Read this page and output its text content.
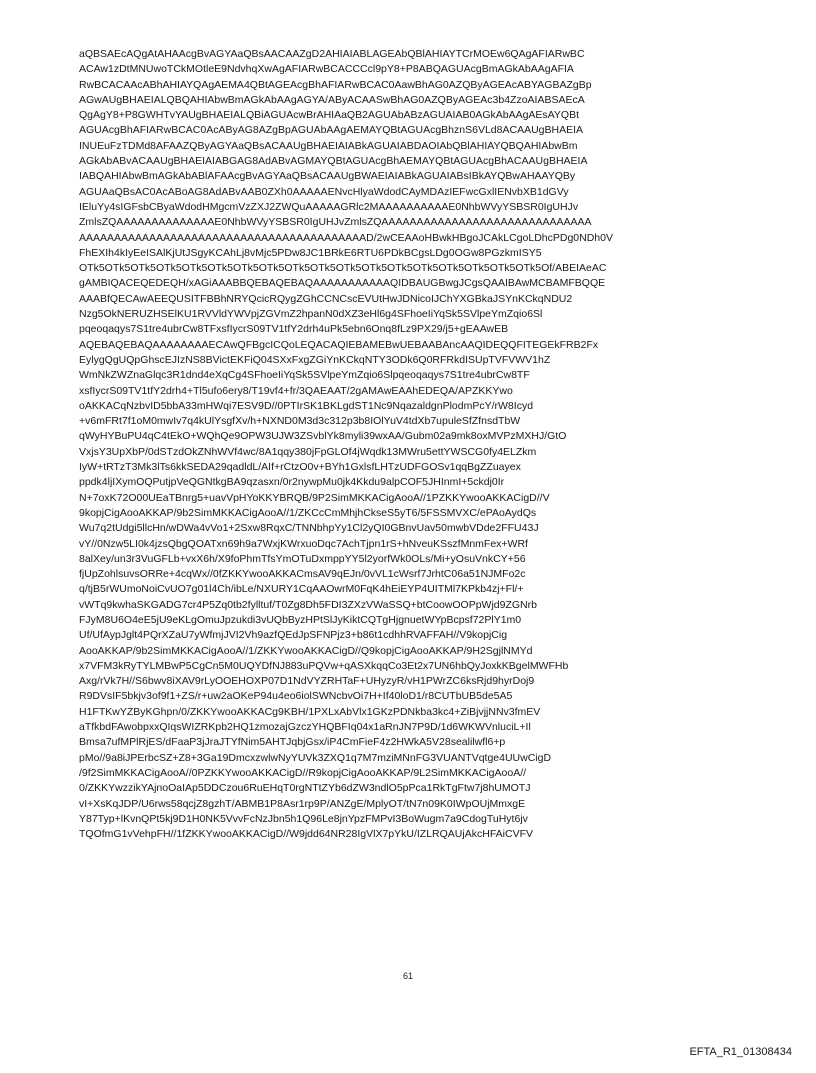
aQBSAEcAQgAtAHAAcgBvAGYAaQBsAACAAZgD2AHIAIABLAGEAbQBlAHIAYTCrMOEw6QAgAFIARwBC
ACAw1zDtMNUwoTCkMOtleE9NdvhqXwAgAFIARwBCACCCcl9pY8+P8ABQAGUAcgBmAGkAbAAgAFIA
RwBCACAAcABhAHIAYQAgAEMA4QBtAGEAcgBhAFIARwBCAC0AawBhAG0AZQByAGEAcABYAGBAZgBp
AGwAUgBHAEIALQBQAHIAbwBmAGkAbAAgAGYA/AByACAASwBhAG0AZQByAGEAc3b4ZzoAIABSAEcA
QgAgY8+P8GWHTvYAUgBHAEIALQBiAGUAcwBrAHIAaQB2AGUAbABzAGUAIAB0AGkAbAAgAEsAYQBt
AGUAcgBhAFIARwBCAC0AcAByAG8AZgBpAGUAbAAgAEMAYQBtAGUAcgBhznS6VLd8ACAAUgBHAEIA
INUEuFzTDMd8AFAAZQByAGYAaQBsACAAUgBHAEIAIABkAGUAIABDAOIAbQBlAHIAYQBQAHIAbwBm
AGkAbABvACAAUgBHAEIAIABGAG8AdABvAGMAYQBtAGUAcgBhAEMAYQBtAGUAcgBhACAAUgBHAEIA
IABQAHIAbwBmAGkAbABlAFAAcgBvAGYAaQBsACAAUgBWAEIAIABkAGUAIABsIBkAYQBwAHAAYQBy
AGUAaQBsAC0AcABoAG8AdABvAAB0ZXh0AAAAAENvcHlyaWdodCAyMDAzIEFwcGxlIENvbXB1dGVy
IEluYy4sIGFsbCByaWdodHMgcmVzZXJ2ZWQuAAAAAGRlc2MAAAAAAAAAAE0NhbWVyYSBSR0IgUHJv
ZmlsZQAAAAAAAAAAAAAAE0NhbWVyYSBSR0IgUHJvZmlsZQAAAAAAAAAAAAAAAAAAAAAAAAAAAAAA
AAAAAAAAAAAAAAAAAAAAAAAAAAAAAAAAAAAAAAAAAD/2wCEAAoHBwkHBgoJCAkLCgoLDhcPDg0NDh0V
FhEXIh4kIyEeISAlKjUtJSgyKCAhLj8vMjc5PDw8JC1BRkE6RTU6PDkBCgsLDg0OGw8PGzkmISY5
OTk5OTk5OTk5OTk5OTk5OTk5OTk5OTk5OTk5OTk5OTk5OTk5OTk5OTk5OTk5OTk5OTk5OTk5Of/ABEIAeAC
gAMBIQACEQEDEQH/xAGiAAABBQEBAQEBAQAAAAAAAAAAAQIDBAUGBwgJCgsQAAIBAwMCBAMFBQQE
AAABfQECAwAEEQUSITFBBhNRYQcicRQygZGhCCNCscEVUtHwJDNicoIJChYXGBkaJSYnKCkqNDU2
Nzg5OkNERUZHSElKU1RVVldYWVpjZGVmZ2hpanN0dXZ3eHl6g4SFhoeIiYqSk5SVlpeYmZqio6Sl
pqeoqaqys7S1tre4ubrCw8TFxsfIycrS09TV1tfY2drh4uPk5ebn6Onq8fLz9PX29/j5+gEAAwEB
AQEBAQEBAQAAAAAAAAECAwQFBgcICQoLEQACAQIEBAMEBwUEBAABAncAAQIDEQQFITEGEkFRB2Fx
EylygQgUQpGhscEJIzNS8BVictEKFiQ04SXxFxgZGiYnKCkqNTY3ODk6Q0RFRkdISUpTVFVWV1hZ
WmNkZWZnaGlqc3R1dnd4eXqCg4SFhoeIiYqSk5SVlpeYmZqio6Slpqeoqaqys7S1tre4ubrCw8TF
xsfIycrS09TV1tfY2drh4+Tl5ufo6ery8/T19vf4+fr/3QAEAAT/2gAMAwEAAhEDEQA/APZKKYwo
oAKKACqNzbvID5bbA33mHWqi7ESV9D//0PTIrSK1BKLgdST1Nc9NqazaldgnPlodmPcY/rW8Icyd
+v6mFRt7f1oM0mwIv7q4kUlYsgfXv/h+NXND0M3d3c312p3b8IOlYuV4tdXb7upuleSfZfnsdTbW
qWyHYBuPU4qC4tEkO+WQhQe9OPW3UJW3ZSvblYk8myli39wxAA/Gubm02a9mk8oxMVPzMXHJ/GtO
VxjsY3UpXbP/0dSTzdOkZNhWVf4wc/8A1qqy380jFpGLOf4jWqdk13MWru5ettYWSCG0fy4ELZkm
IyW+tRTzT3Mk3lTs6kkSEDA29qadldL/AIf+rCtzO0v+BYh1GxlsfLHTzUDFGOSv1qqBgZZuayex
ppdk4ljIXymOQPutjpVeQGNtkgBA9qzasxn/0r2nywpMu0jk4Kkdu9alpCOF5JHInmI+5ckdj0Ir
N+7oxK72O00UEaTBnrg5+uavVpHYoKKYBRQB/9P2SimMKKACigAooA//1PZKKYwooAKKACigD//V
9kopjCigAooAKKAP/9b2SimMKKACigAooA//1/ZKCcCmMhjhCkseS5yT6/5FSSMVXC/ePAoAydQs
Wu7q2tUdgi5llcHn/wDWa4vVo1+2Sxw8RqxC/TNNbhpYy1Cl2yQI0GBnvUav50mwbVDde2FFU43J
vY//0Nzw5LI0k4jzsQbgQOATxn69h9a7WxjKWrxuoDqc7AchTjpn1rS+hNveuKSszfMnmFex+WRf
8alXey/un3r3VuGFLb+vxX6h/X9foPhmTfsYmOTuDxmppYY5l2yorfWk0OLs/Mi+yOsuVnkCY+56
fjUpZohlsuvsORRe+4cqWx//0fZKKYwooAKKACmsAV9qEJn/0vVL1cWsrf7JrhtC06a51NJMFo2c
q/tjB5rWUmoNoiCvUO7g01l4Ch/ibLe/NXURY1CqAAOwrM0FqK4hEiEYP4UITMl7KPkb4zj+Fl/+
vWTq9kwhaSKGADG7cr4P5Zq0tb2fylltuf/T0Zg8Dh5FDI3ZXzVWaSSQ+btCoowOOPpWjd9ZGNrb
FJyM8U6O4eE5jU9eKLgOmuJpzukdi3vUQbByzHPtSlJyKiktCQTgHjgnuetWYpBcpsf72PlY1m0
Uf/UfAypJglt4PQrXZaU7yWfmjJVI2Vh9azfQEdJpSFNPjz3+b86t1cdhhRVAFFAH//V9kopjCig
AooAKKAP/9b2SimMKKACigAooA//1/ZKKYwooAKKACigD//Q9kopjCigAooAKKAP/9H2SgjlNMYd
x7VFM3kRyTYLMBwP5CgCn5M0UQYDfNJ883uPQVw+qASXkqqCo3Et2x7UN6hbQyJoxkKBgelMWFHb
Axg/rVk7H//S6bwv8iXAV9rLyOOEHOXP07D1NdVYZRHTaF+UHyzyR/vH1PWrZC6ksRjd9hyrDoj9
R9DVsIF5bkjv3of9f1+ZS/r+uw2aOKeP94u4eo6iolSWNcbvOi7H+If40loD1/r8CUTbUB5de5A5
H1FTKwYZByKGhpn/0/ZKKYwooAKKACg9KBH/1PXLxAbVlx1GKzPDNkba3kc4+ZiBjvjjNNv3fmEV
aTfkbdFAwobpxxQIqsWIZRKpb2HQ1zmozajGzczYHQBFIq04x1aRnJN7P9D/1d6WKWVnluciL+Il
Bmsa7ufMPlRjES/dFaaP3jJraJTYfNim5AHTJqbjGsx/iP4CmFieF4z2HWkA5V28sealilwfl6+p
pMo//9a8iJPErbcSZ+Z8+3Ga19DmcxzwlwNyYUVk3ZXQ1q7M7mziMNnFG3VUANTVqtge4UUwCigD
/9f2SimMKKACigAooA//0PZKKYwooAKKACigD//R9kopjCigAooAKKAP/9L2SimMKKACigAooA//
0/ZKKYwzzikYAjnoOaIAp5DDCzou6RuEHqT0rgNTtZYb6dZW3ndlO5pPca1RkTgFtw7j8hUMOTJ
vI+XsKqJDP/U6rws58qcjZ8gzhT/ABMB1P8Asr1rp9P/ANZgE/MplyOT/tN7n09K0IWpOUjMmxgE
Y87Typ+lKvnQPt5kj9D1H0NK5VvvFcNzJbn5h1Q96Le8jnYpzFMPvI3BoWugm7a9CdogTuHyt6jv
TQOfmG1vVehpFH//1fZKKYwooAKKACigD//W9jdd64NR28IgVlX7pYkU/IZLRQAUjAkcHFAiCVFV
61
EFTA_R1_01308434
